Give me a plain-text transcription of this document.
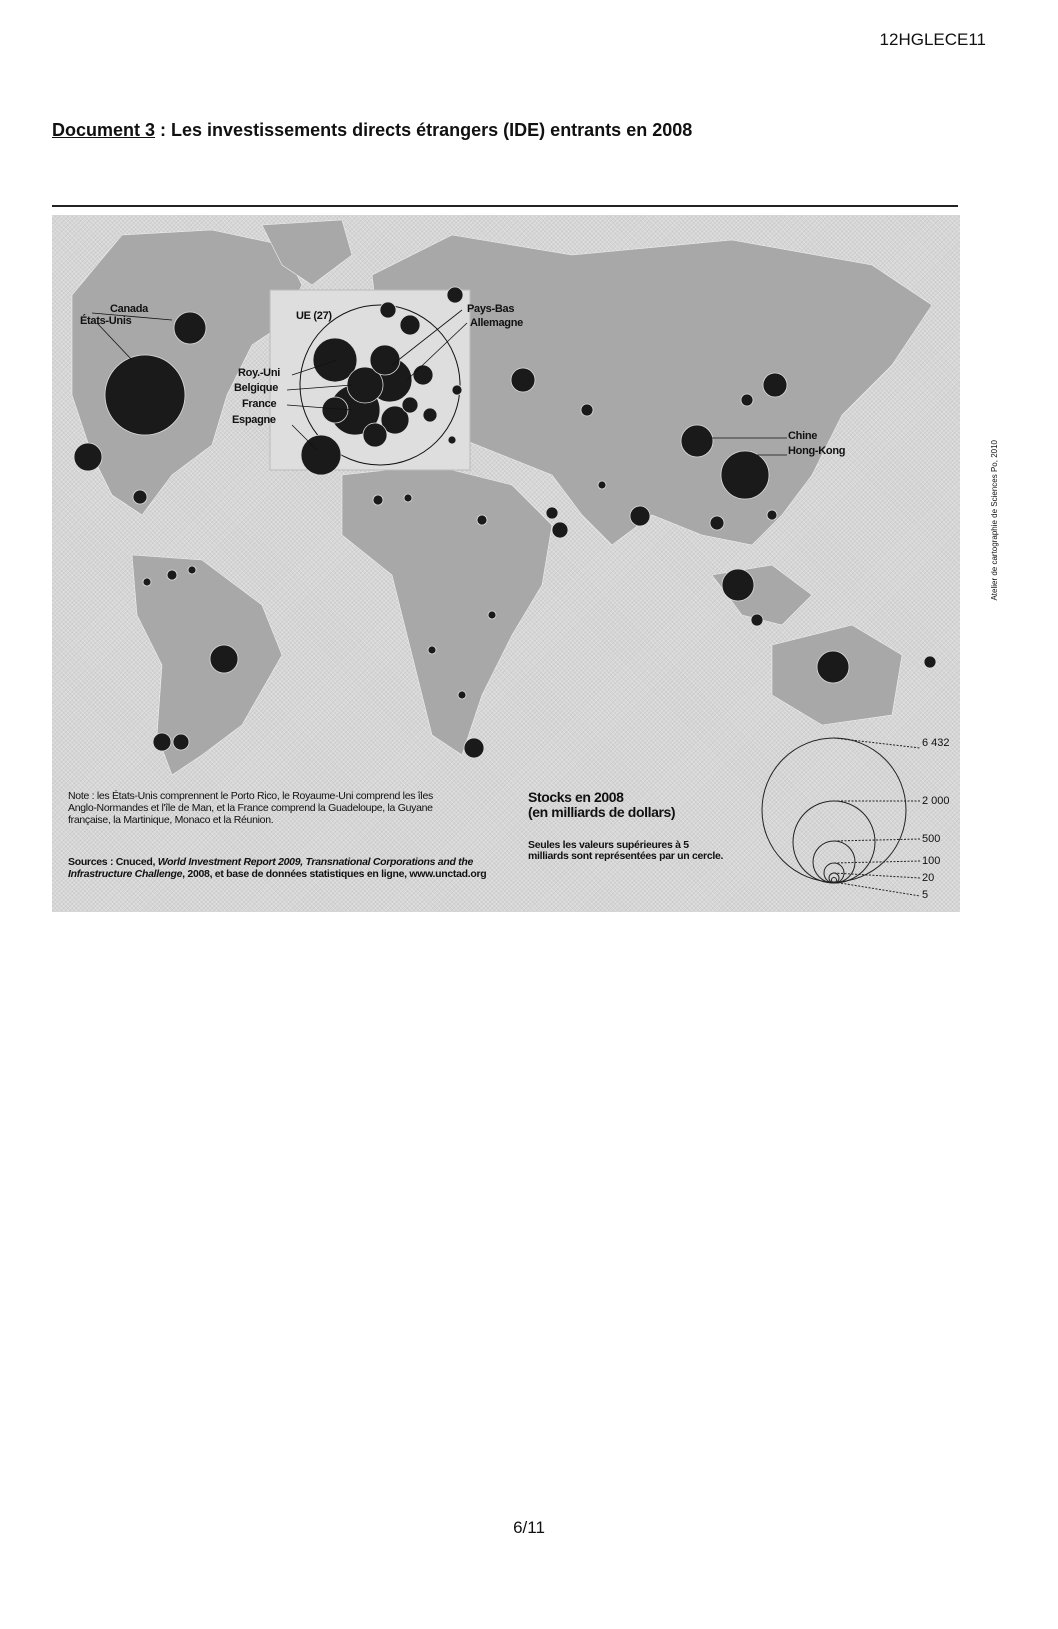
12HGLECE11
Document 3 : Les investissements directs étrangers (IDE) entrants en 2008
Canada
États-Unis	UE (27)
Pays-Bas
Allemagne
Roy.-Uni
Belgique
France
Espagne
Chine
Hong-Kong	Atelier de cartographie de Sciences Po, 2010
Note : les États-Unis comprennent le Porto Rico, le Royaume-Uni comprend les îles Anglo-Normandes et l'île de Man, et la France comprend la Guadeloupe, la Guyane française, la Martinique, Monaco et la Réunion.
Sources : Cnuced, World Investment Report 2009, Transnational Corporations and the Infrastructure Challenge, 2008, et base de données statistiques en ligne, www.unctad.org
Stocks en 2008
(en milliards de dollars)
Seules les valeurs supérieures à 5 milliards sont représentées par un cercle.
6 432
2 000
500
100
20
5
6/11
